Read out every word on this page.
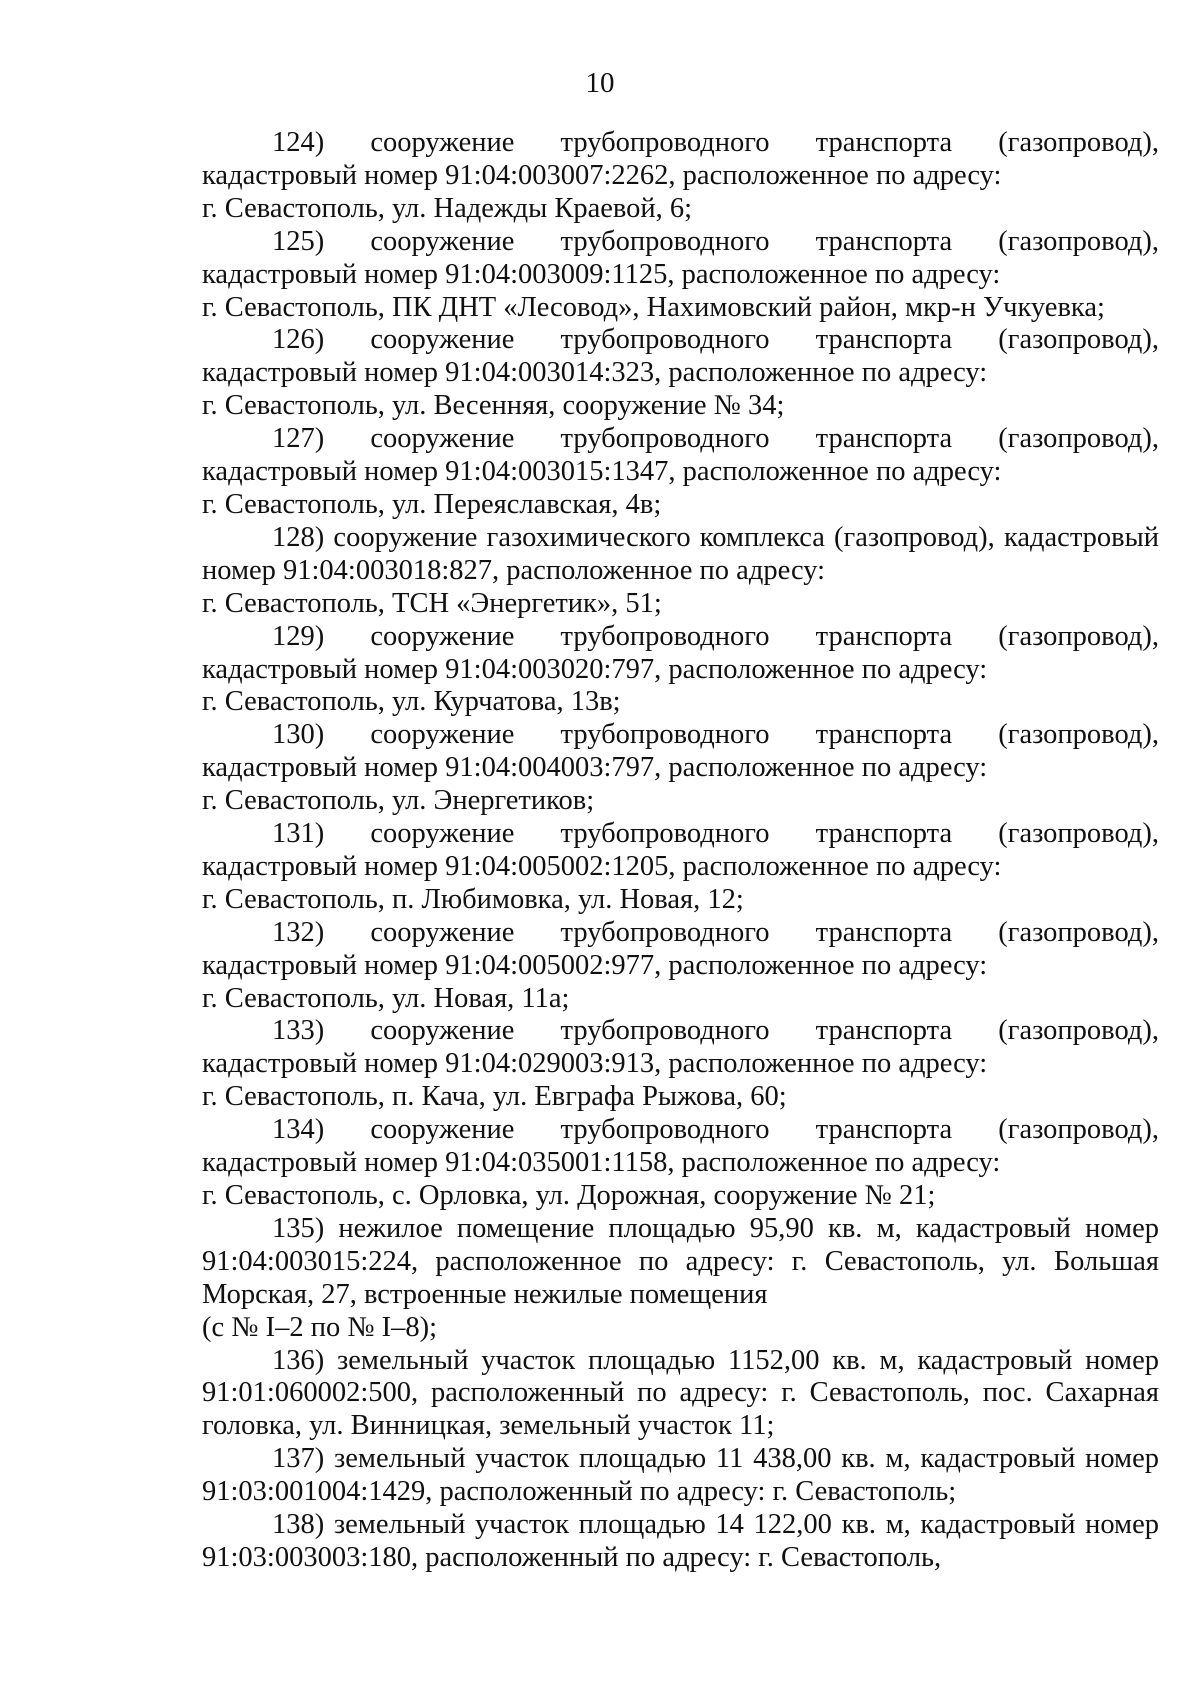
10

124) сооружение трубопроводного транспорта (газопровод), кадастровый номер 91:04:003007:2262, расположенное по адресу:
г. Севастополь, ул. Надежды Краевой, 6;

125) сооружение трубопроводного транспорта (газопровод), кадастровый номер 91:04:003009:1125, расположенное по адресу:
г. Севастополь, ПК ДНТ «Лесовод», Нахимовский район, мкр-н Учкуевка;

126) сооружение трубопроводного транспорта (газопровод), кадастровый номер 91:04:003014:323, расположенное по адресу:
г. Севастополь, ул. Весенняя, сооружение № 34;

127) сооружение трубопроводного транспорта (газопровод), кадастровый номер 91:04:003015:1347, расположенное по адресу:
г. Севастополь, ул. Переяславская, 4в;

128) сооружение газохимического комплекса (газопровод), кадастровый номер 91:04:003018:827, расположенное по адресу:
г. Севастополь, ТСН «Энергетик», 51;

129) сооружение трубопроводного транспорта (газопровод), кадастровый номер 91:04:003020:797, расположенное по адресу:
г. Севастополь, ул. Курчатова, 13в;

130) сооружение трубопроводного транспорта (газопровод), кадастровый номер 91:04:004003:797, расположенное по адресу:
г. Севастополь, ул. Энергетиков;

131) сооружение трубопроводного транспорта (газопровод), кадастровый номер 91:04:005002:1205, расположенное по адресу:
г. Севастополь, п. Любимовка, ул. Новая, 12;

132) сооружение трубопроводного транспорта (газопровод), кадастровый номер 91:04:005002:977, расположенное по адресу:
г. Севастополь, ул. Новая, 11а;

133) сооружение трубопроводного транспорта (газопровод), кадастровый номер 91:04:029003:913, расположенное по адресу:
г. Севастополь, п. Кача, ул. Евграфа Рыжова, 60;

134) сооружение трубопроводного транспорта (газопровод), кадастровый номер 91:04:035001:1158, расположенное по адресу:
г. Севастополь, с. Орловка, ул. Дорожная, сооружение № 21;

135) нежилое помещение площадью 95,90 кв. м, кадастровый номер 91:04:003015:224, расположенное по адресу: г. Севастополь, ул. Большая Морская, 27, встроенные нежилые помещения
(с № I–2 по № I–8);

136) земельный участок площадью 1152,00 кв. м, кадастровый номер 91:01:060002:500, расположенный по адресу: г. Севастополь, пос. Сахарная головка, ул. Винницкая, земельный участок 11;

137) земельный участок площадью 11 438,00 кв. м, кадастровый номер 91:03:001004:1429, расположенный по адресу: г. Севастополь;

138) земельный участок площадью 14 122,00 кв. м, кадастровый номер 91:03:003003:180, расположенный по адресу: г. Севастополь,
